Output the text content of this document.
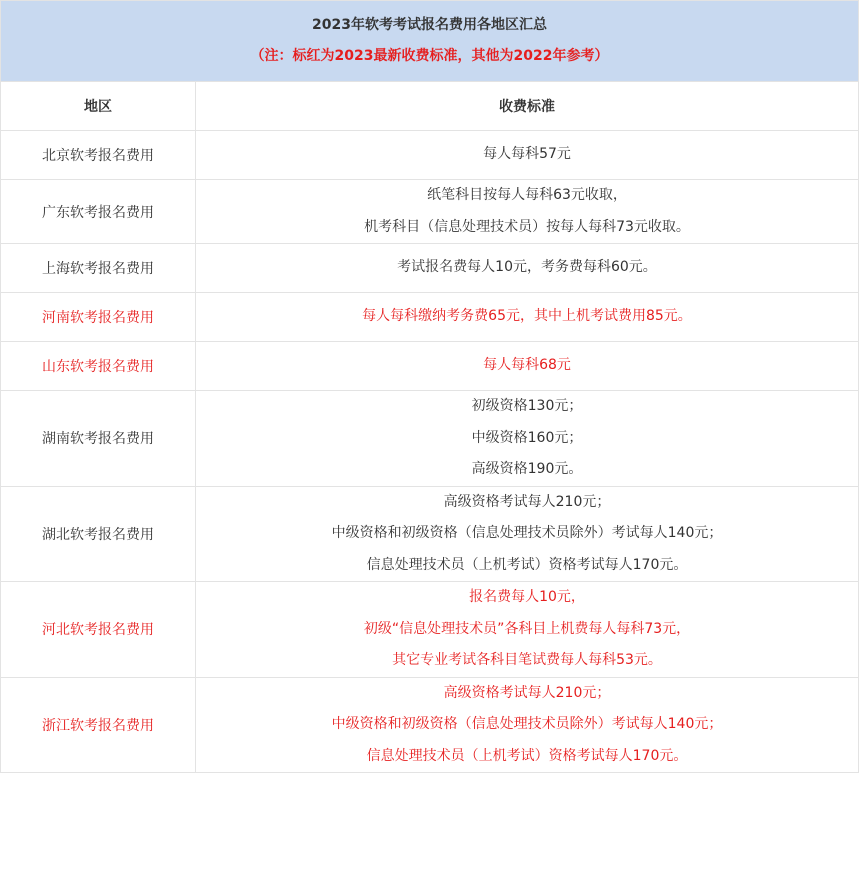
2023年软考考试报名费用各地区汇总
（注：标红为2023最新收费标准，其他为2022年参考）	

地区	收费标准
北京软考报名费用	每人每科57元

广东软考报名费用	纸笔科目按每人每科63元收取，
机考科目（信息处理技术员）按每人每科73元收取。

上海软考报名费用	考试报名费每人10元，考务费每科60元。

河南软考报名费用	每人每科缴纳考务费65元，其中上机考试费用85元。

山东软考报名费用	每人每科68元

湖南软考报名费用	初级资格130元；
中级资格160元；
高级资格190元。

湖北软考报名费用	高级资格考试每人210元；
中级资格和初级资格（信息处理技术员除外）考试每人140元；
信息处理技术员（上机考试）资格考试每人170元。

河北软考报名费用	报名费每人10元，
初级“信息处理技术员”各科目上机费每人每科73元，
其它专业考试各科目笔试费每人每科53元。

浙江软考报名费用	高级资格考试每人210元；
中级资格和初级资格（信息处理技术员除外）考试每人140元；
信息处理技术员（上机考试）资格考试每人170元。
